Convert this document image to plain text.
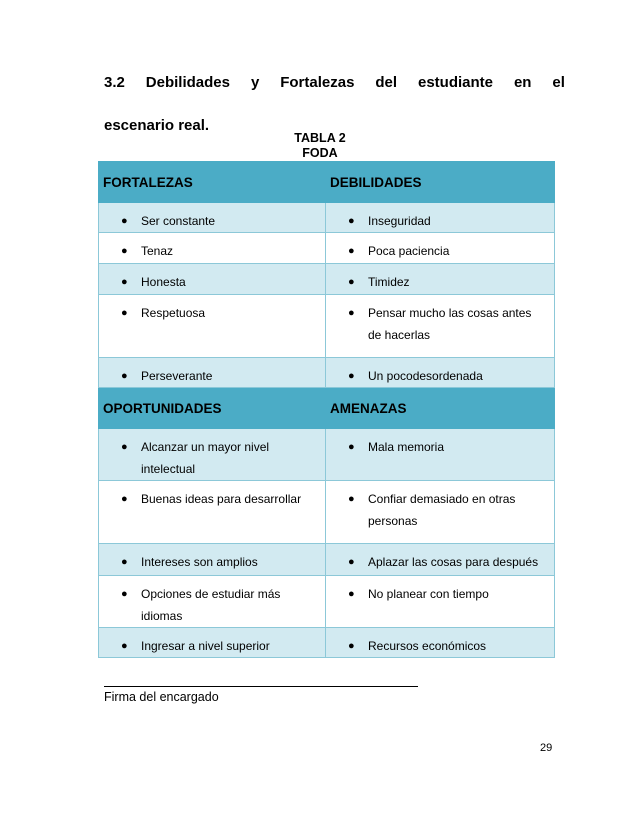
3.2 Debilidades y Fortalezas del estudiante en el
escenario real.
TABLA 2
FODA
FORTALEZAS	DEBILIDADES
● Ser constante	● Inseguridad
● Tenaz	● Poca paciencia
● Honesta	● Timidez
● Respetuosa	● Pensar mucho las cosas antes de hacerlas
● Perseverante	● Un pocodesordenada
OPORTUNIDADES	AMENAZAS
● Alcanzar un mayor nivel intelectual	● Mala memoria
● Buenas ideas para desarrollar	● Confiar demasiado en otras personas
● Intereses son amplios	● Aplazar las cosas para después
● Opciones de estudiar más idiomas	● No planear con tiempo
● Ingresar a nivel superior	● Recursos económicos
Firma del encargado
29
